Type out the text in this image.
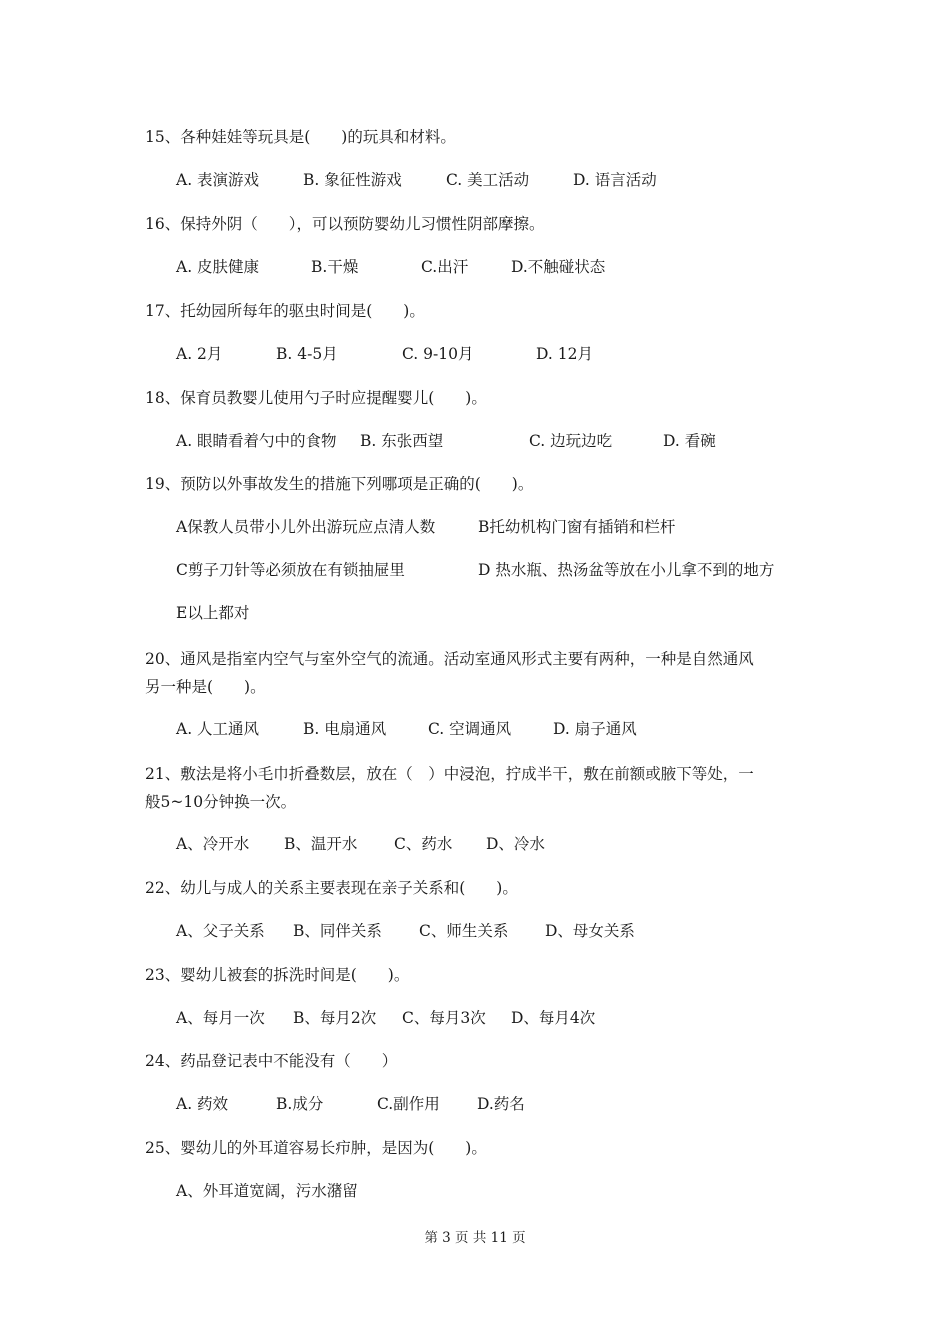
15、各种娃娃等玩具是(　　)的玩具和材料。
A. 表演游戏	B. 象征性游戏	C. 美工活动	D. 语言活动
16、保持外阴（　　），可以预防婴幼儿习惯性阴部摩擦。
A. 皮肤健康	B.干燥	C.出汗	D.不触碰状态
17、托幼园所每年的驱虫时间是(　　)。
A. 2月	B. 4-5月	C. 9-10月	D. 12月
18、保育员教婴儿使用勺子时应提醒婴儿(　　)。
A. 眼睛看着勺中的食物 B. 东张西望	C. 边玩边吃	D. 看碗
19、预防以外事故发生的措施下列哪项是正确的(　　)。
A保教人员带小儿外出游玩应点清人数	B托幼机构门窗有插销和栏杆
C剪子刀针等必须放在有锁抽屉里	D 热水瓶、热汤盆等放在小儿拿不到的地方
E以上都对
20、通风是指室内空气与室外空气的流通。活动室通风形式主要有两种，一种是自然通风
另一种是(　　)。
A. 人工通风	B. 电扇通风	C. 空调通风	D. 扇子通风
21、敷法是将小毛巾折叠数层，放在（　）中浸泡，拧成半干，敷在前额或腋下等处，一
般5~10分钟换一次。
A、冷开水 B、温开水 C、药水 D、冷水
22、幼儿与成人的关系主要表现在亲子关系和(　　)。
A、父子关系 B、同伴关系 C、师生关系 D、母女关系
23、婴幼儿被套的拆洗时间是(　　)。
A、每月一次 B、每月2次 C、每月3次 D、每月4次
24、药品登记表中不能没有（　　）
A. 药效	B.成分	C.副作用 D.药名
25、婴幼儿的外耳道容易长疖肿，是因为(　　)。
A、外耳道宽阔，污水潴留
第 3 页 共 11 页
